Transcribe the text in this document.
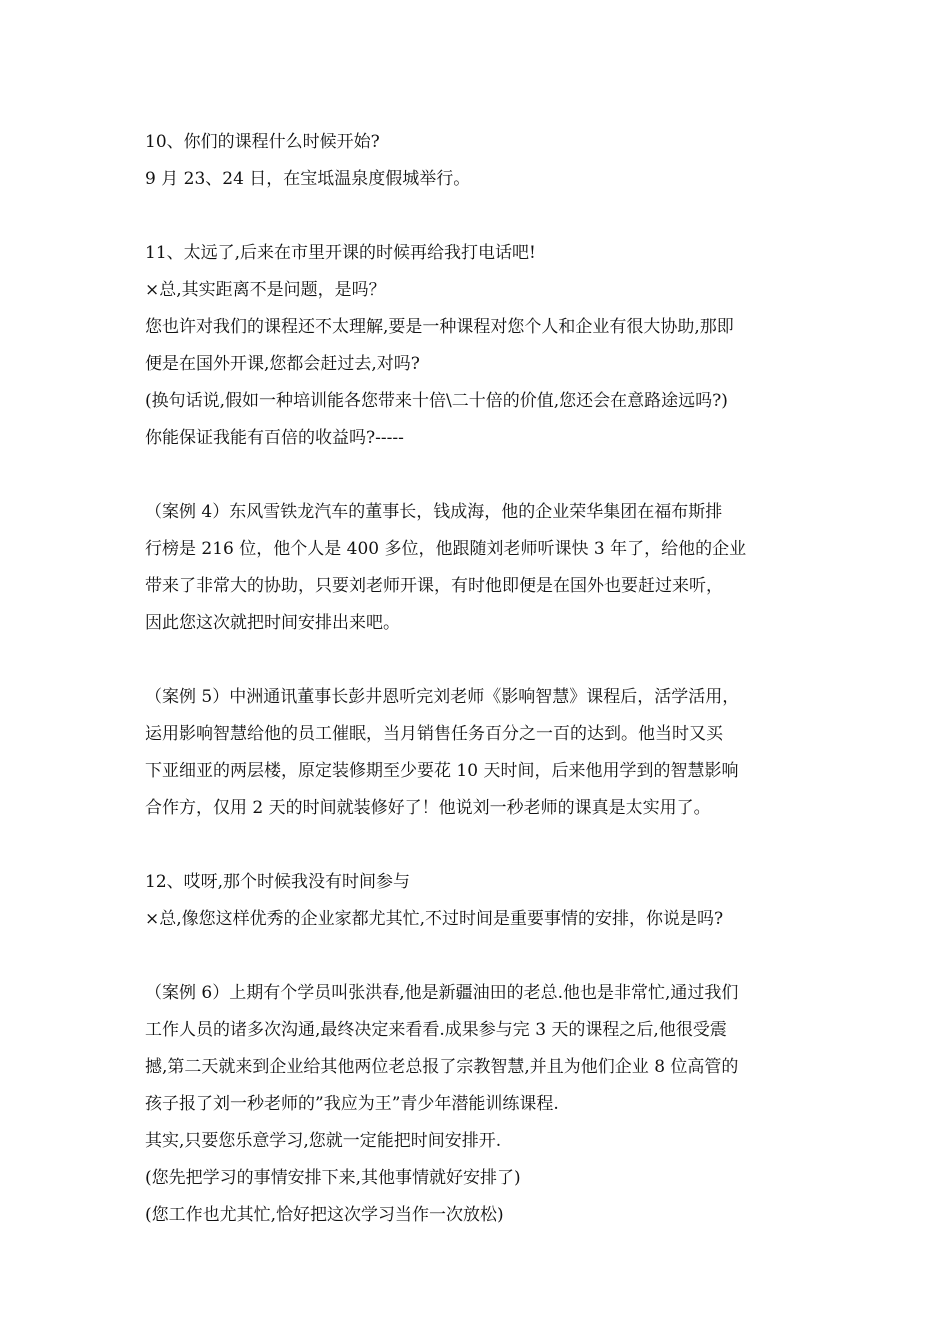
10、你们的课程什么时候开始?
9 月 23、24 日，在宝坻温泉度假城举行。
11、太远了,后来在市里开课的时候再给我打电话吧!
×总,其实距离不是问题，是吗？
您也许对我们的课程还不太理解,要是一种课程对您个人和企业有很大协助,那即
便是在国外开课,您都会赶过去,对吗?
(换句话说,假如一种培训能各您带来十倍\二十倍的价值,您还会在意路途远吗?)
你能保证我能有百倍的收益吗?-----
（案例 4）东风雪铁龙汽车的董事长，钱成海，他的企业荣华集团在福布斯排
行榜是 216 位，他个人是 400 多位，他跟随刘老师听课快 3 年了，给他的企业
带来了非常大的协助，只要刘老师开课，有时他即便是在国外也要赶过来听，
因此您这次就把时间安排出来吧。
（案例 5）中洲通讯董事长彭井恩听完刘老师《影响智慧》课程后，活学活用，
运用影响智慧给他的员工催眠，当月销售任务百分之一百的达到。他当时又买
下亚细亚的两层楼，原定装修期至少要花 10 天时间，后来他用学到的智慧影响
合作方，仅用 2 天的时间就装修好了！他说刘一秒老师的课真是太实用了。
12、哎呀,那个时候我没有时间参与
×总,像您这样优秀的企业家都尤其忙,不过时间是重要事情的安排，你说是吗?
（案例 6）上期有个学员叫张洪春,他是新疆油田的老总.他也是非常忙,通过我们
工作人员的诸多次沟通,最终决定来看看.成果参与完 3 天的课程之后,他很受震
撼,第二天就来到企业给其他两位老总报了宗教智慧,并且为他们企业 8 位高管的
孩子报了刘一秒老师的”我应为王”青少年潜能训练课程.
其实,只要您乐意学习,您就一定能把时间安排开.
(您先把学习的事情安排下来,其他事情就好安排了)
(您工作也尤其忙,恰好把这次学习当作一次放松)
